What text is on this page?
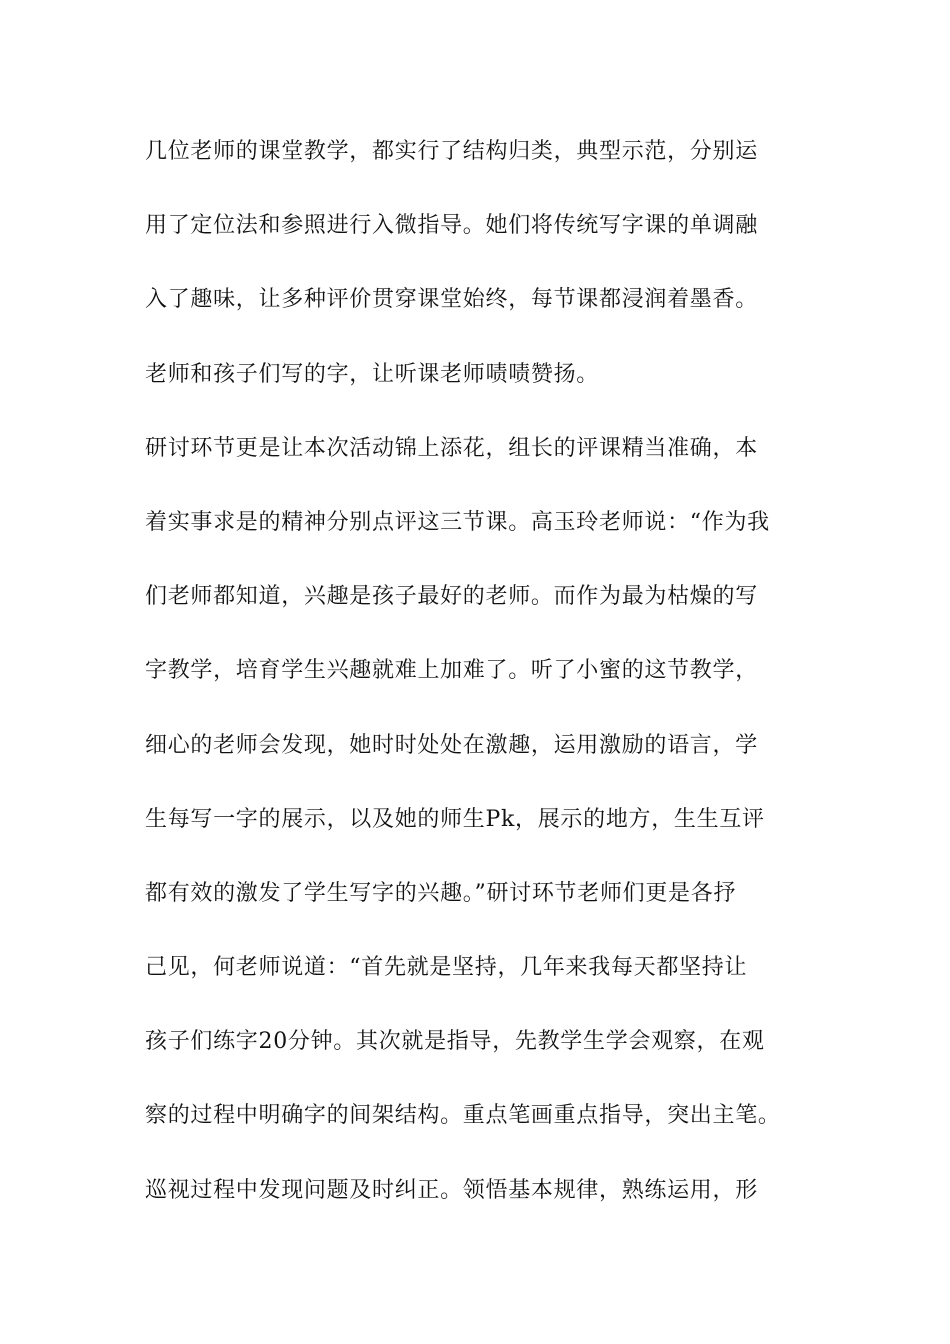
几位老师的课堂教学，都实行了结构归类，典型示范，分别运
用了定位法和参照进行入微指导。她们将传统写字课的单调融
入了趣味，让多种评价贯穿课堂始终，每节课都浸润着墨香。
老师和孩子们写的字，让听课老师啧啧赞扬。
研讨环节更是让本次活动锦上添花，组长的评课精当准确，本
着实事求是的精神分别点评这三节课。高玉玲老师说：“作为我
们老师都知道，兴趣是孩子最好的老师。而作为最为枯燥的写
字教学，培育学生兴趣就难上加难了。听了小蜜的这节教学，
细心的老师会发现，她时时处处在激趣，运用激励的语言，学
生每写一字的展示，以及她的师生Pk，展示的地方，生生互评
都有效的激发了学生写字的兴趣。”研讨环节老师们更是各抒
己见，何老师说道：“首先就是坚持，几年来我每天都坚持让
孩子们练字20分钟。其次就是指导，先教学生学会观察，在观
察的过程中明确字的间架结构。重点笔画重点指导，突出主笔。
巡视过程中发现问题及时纠正。领悟基本规律，熟练运用，形
